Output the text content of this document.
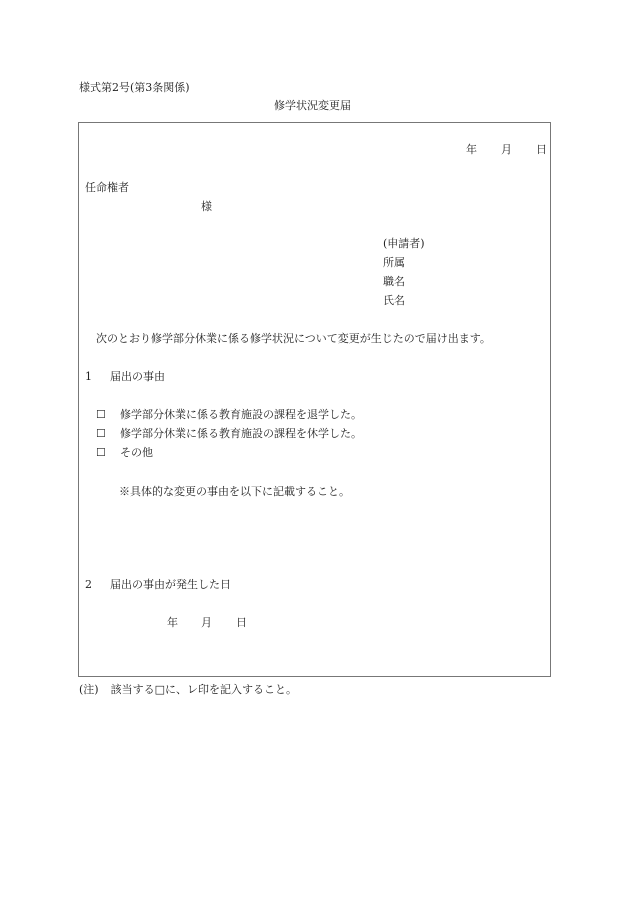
様式第2号(第3条関係)
修学状況変更届
年 月 日
任命権者
様
(申請者)
所属
職名
氏名
次のとおり修学部分休業に係る修学状況について変更が生じたので届け出ます。
1 届出の事由
☐ 修学部分休業に係る教育施設の課程を退学した。
☐ 修学部分休業に係る教育施設の課程を休学した。
☐ その他
※具体的な変更の事由を以下に記載すること。
2 届出の事由が発生した日
年 月 日
(注) 該当する□に、レ印を記入すること。
